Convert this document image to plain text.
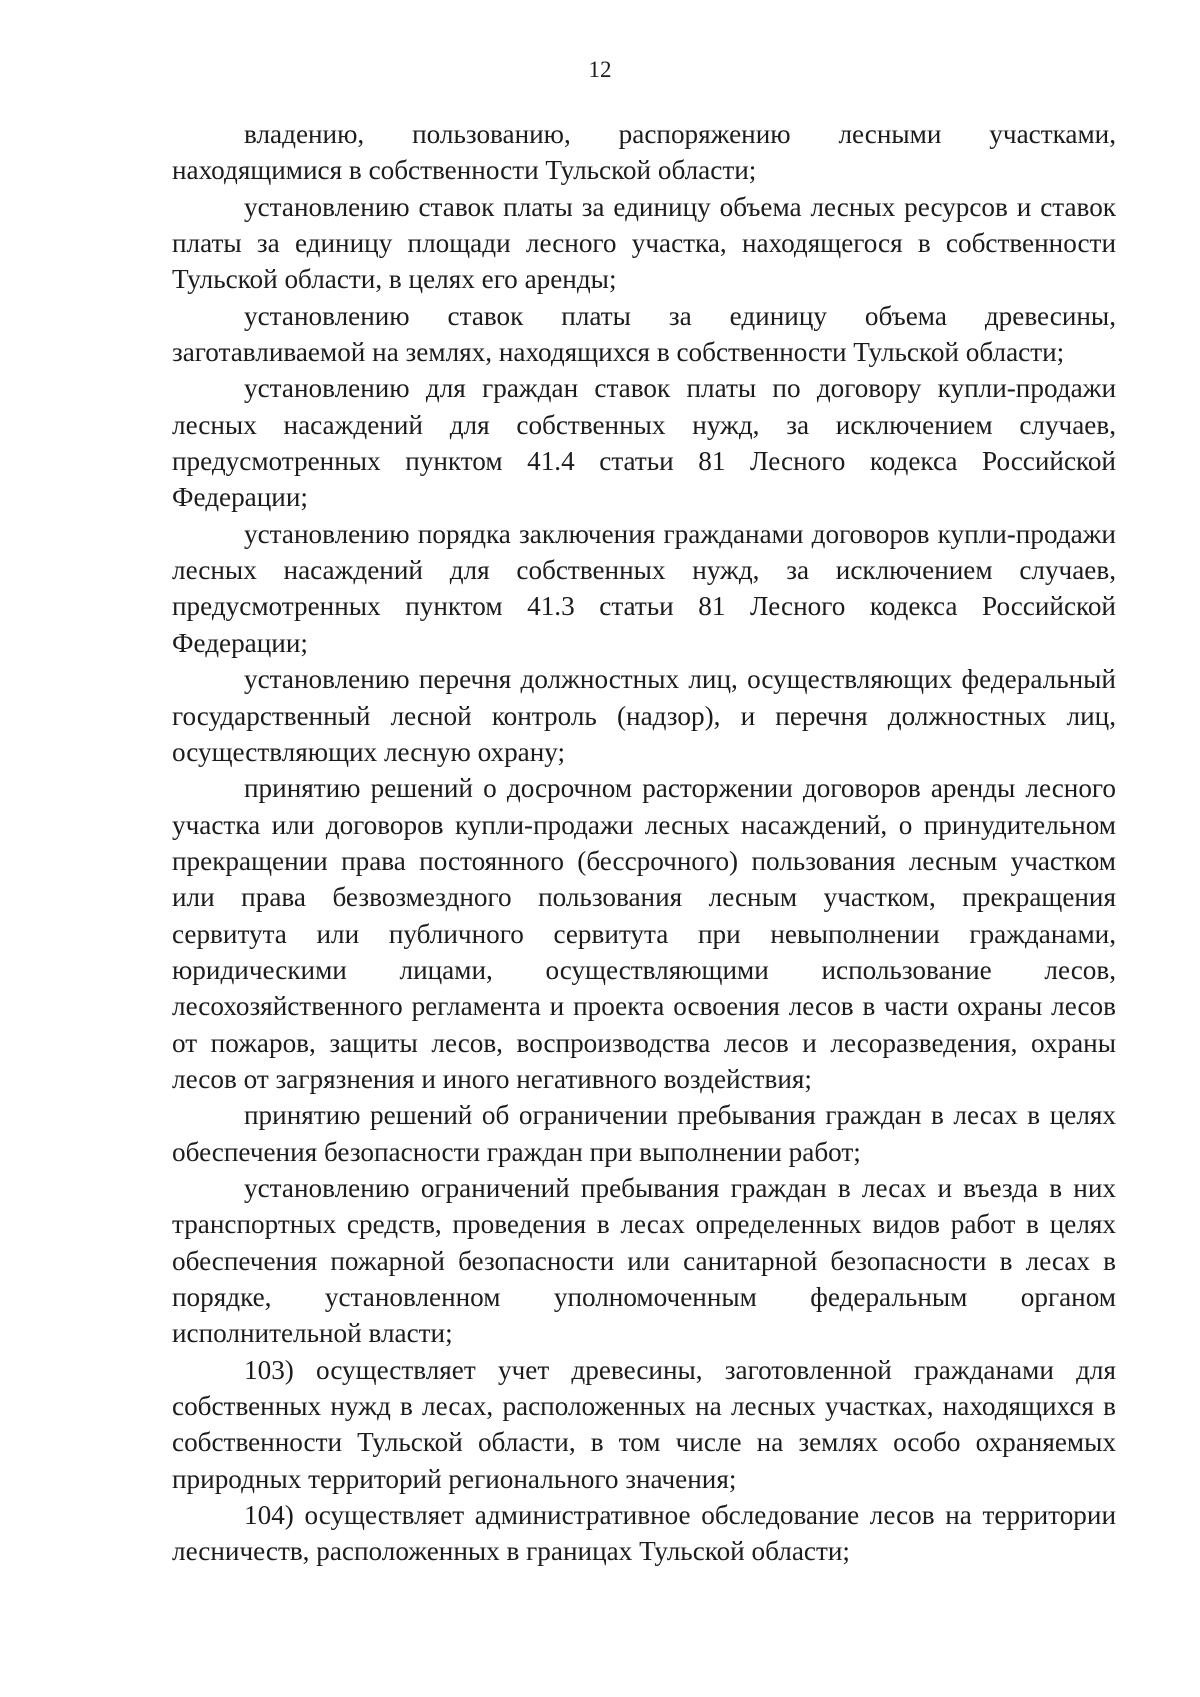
12

владению, пользованию, распоряжению лесными участками, находящимися в собственности Тульской области;

установлению ставок платы за единицу объема лесных ресурсов и ставок платы за единицу площади лесного участка, находящегося в собственности Тульской области, в целях его аренды;

установлению ставок платы за единицу объема древесины, заготавливаемой на землях, находящихся в собственности Тульской области;

установлению для граждан ставок платы по договору купли-продажи лесных насаждений для собственных нужд, за исключением случаев, предусмотренных пунктом 41.4 статьи 81 Лесного кодекса Российской Федерации;

установлению порядка заключения гражданами договоров купли-продажи лесных насаждений для собственных нужд, за исключением случаев, предусмотренных пунктом 41.3 статьи 81 Лесного кодекса Российской Федерации;

установлению перечня должностных лиц, осуществляющих федеральный государственный лесной контроль (надзор), и перечня должностных лиц, осуществляющих лесную охрану;

принятию решений о досрочном расторжении договоров аренды лесного участка или договоров купли-продажи лесных насаждений, о принудительном прекращении права постоянного (бессрочного) пользования лесным участком или права безвозмездного пользования лесным участком, прекращения сервитута или публичного сервитута при невыполнении гражданами, юридическими лицами, осуществляющими использование лесов, лесохозяйственного регламента и проекта освоения лесов в части охраны лесов от пожаров, защиты лесов, воспроизводства лесов и лесоразведения, охраны лесов от загрязнения и иного негативного воздействия;

принятию решений об ограничении пребывания граждан в лесах в целях обеспечения безопасности граждан при выполнении работ;

установлению ограничений пребывания граждан в лесах и въезда в них транспортных средств, проведения в лесах определенных видов работ в целях обеспечения пожарной безопасности или санитарной безопасности в лесах в порядке, установленном уполномоченным федеральным органом исполнительной власти;

103) осуществляет учет древесины, заготовленной гражданами для собственных нужд в лесах, расположенных на лесных участках, находящихся в собственности Тульской области, в том числе на землях особо охраняемых природных территорий регионального значения;

104) осуществляет административное обследование лесов на территории лесничеств, расположенных в границах Тульской области;
